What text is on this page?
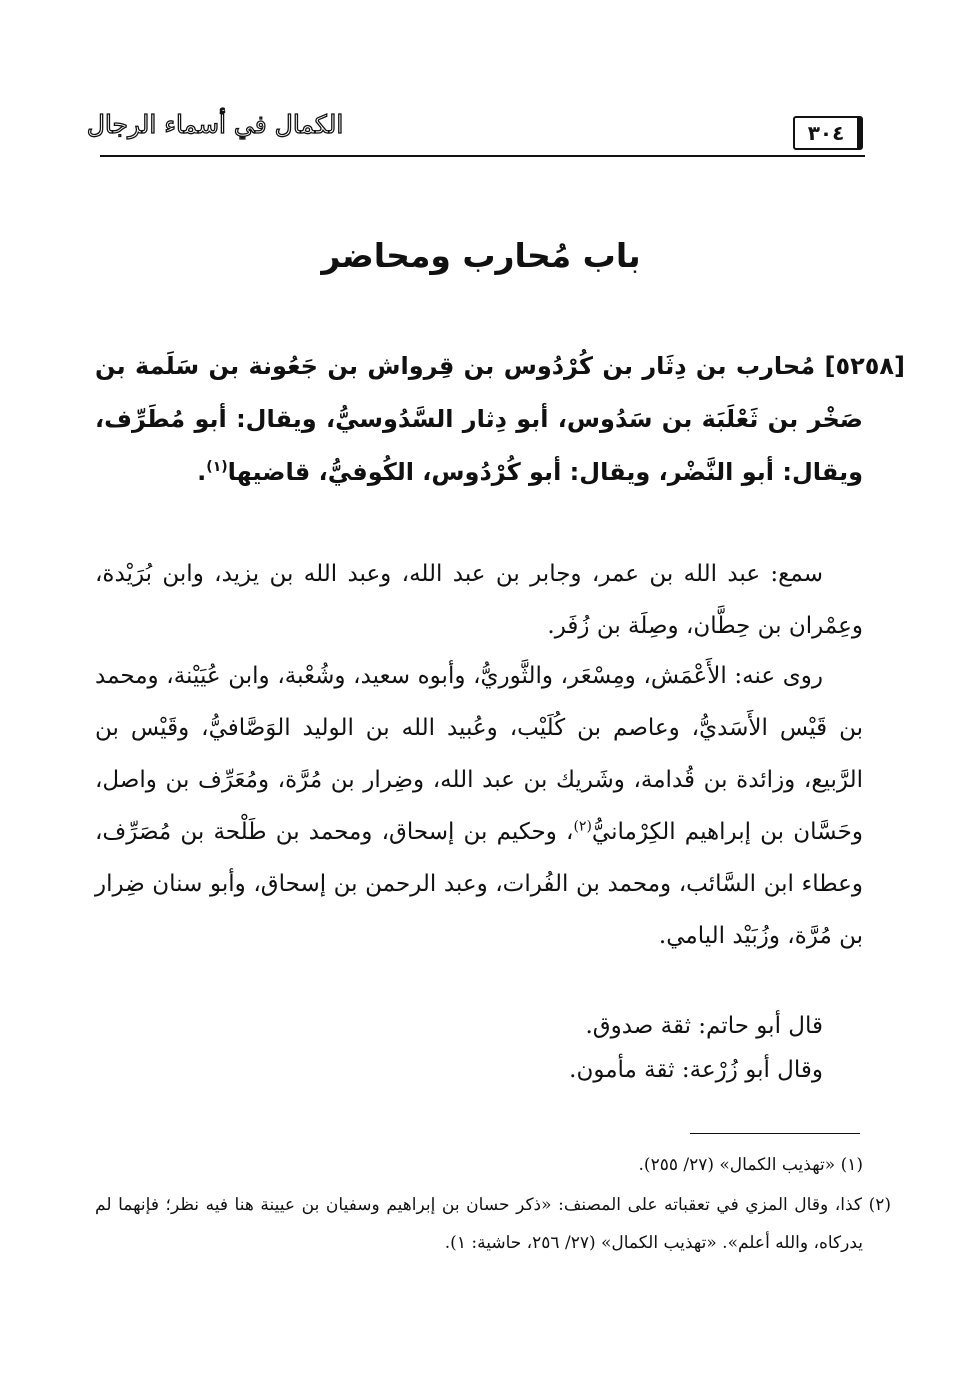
٣٠٤
الكمال في أسماء الرجال
باب مُحارب ومحاضر
[٥٢٥٨] مُحارب بن دِثَار بن كُرْدُوس بن قِرواش بن جَعُونة بن سَلَمة بن صَخْر بن ثَعْلَبَة بن سَدُوس، أبو دِثار السَّدُوسيُّ، ويقال: أبو مُطَرِّف، ويقال: أبو النَّضْر، ويقال: أبو كُرْدُوس، الكُوفيُّ، قاضيها$^{(١)}$.
سمع: عبد الله بن عمر، وجابر بن عبد الله، وعبد الله بن يزيد، وابن بُرَيْدة، وعِمْران بن حِطَّان، وصِلَة بن زُفَر.
روى عنه: الأَعْمَش، ومِسْعَر، والثَّوريُّ، وأبوه سعيد، وشُعْبة، وابن عُيَيْنة، ومحمد بن قَيْس الأَسَديُّ، وعاصم بن كُلَيْب، وعُبيد الله بن الوليد الوَصَّافيُّ، وقَيْس بن الرَّبيع، وزائدة بن قُدامة، وشَريك بن عبد الله، وضِرار بن مُرَّة، ومُعَرِّف بن واصل، وحَسَّان بن إبراهيم الكِرْمانيُّ$^{(٢)}$، وحكيم بن إسحاق، ومحمد بن طَلْحة بن مُصَرِّف، وعطاء ابن السَّائب، ومحمد بن الفُرات، وعبد الرحمن بن إسحاق، وأبو سنان ضِرار بن مُرَّة، وزُبَيْد اليامي.
قال أبو حاتم: ثقة صدوق.
وقال أبو زُرْعة: ثقة مأمون.
(١) «تهذيب الكمال» (٢٧/ ٢٥٥).
(٢) كذا، وقال المزي في تعقباته على المصنف: «ذكر حسان بن إبراهيم وسفيان بن عيينة هنا فيه نظر؛ فإنهما لم يدركاه، والله أعلم». «تهذيب الكمال» (٢٧/ ٢٥٦، حاشية: ١).
